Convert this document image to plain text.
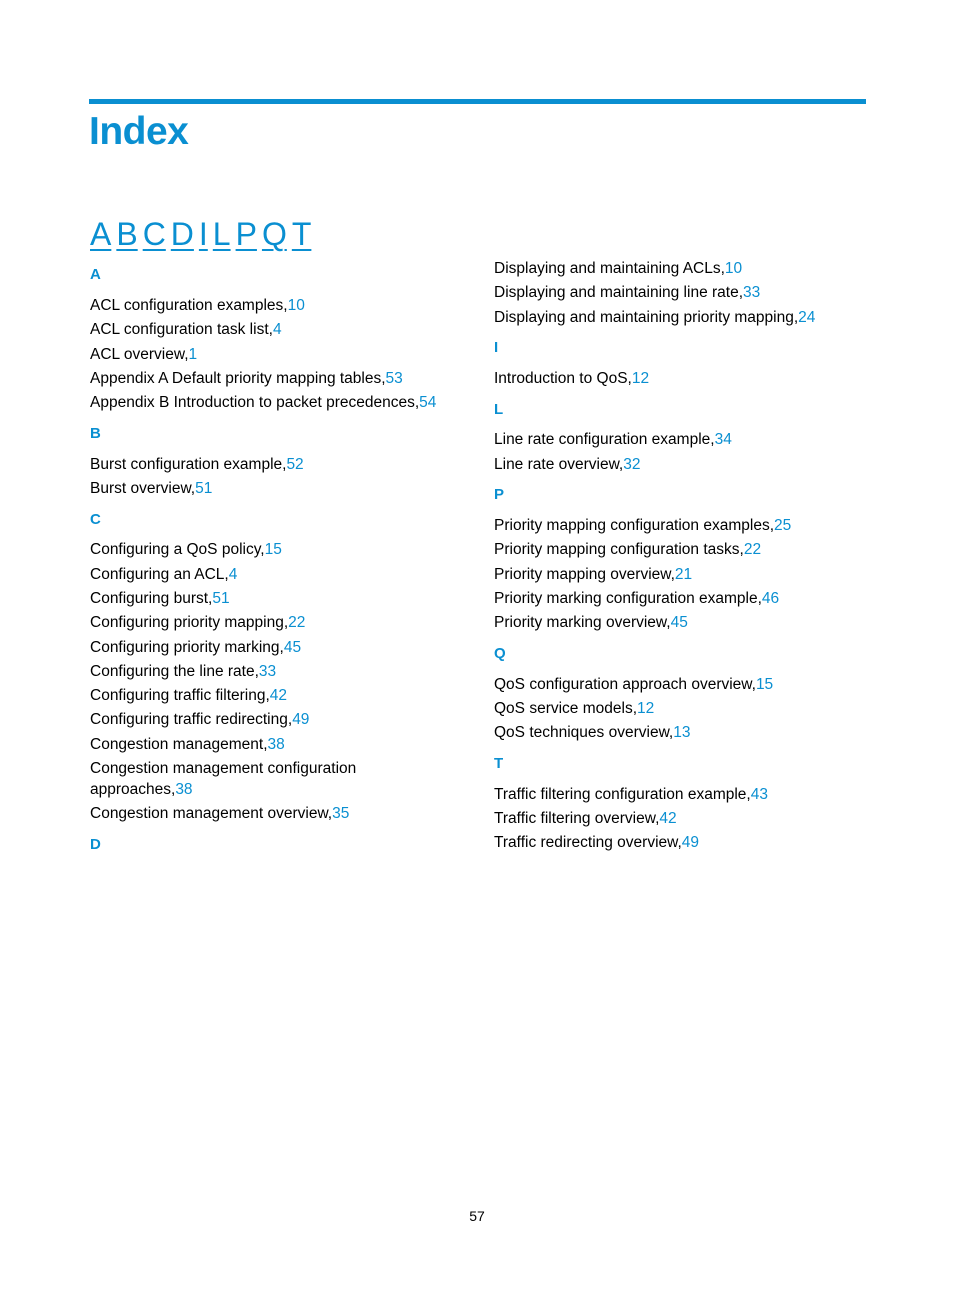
Index
A B C D I L P Q T
A
ACL configuration examples,10
ACL configuration task list,4
ACL overview,1
Appendix A Default priority mapping tables,53
Appendix B Introduction to packet precedences,54
B
Burst configuration example,52
Burst overview,51
C
Configuring a QoS policy,15
Configuring an ACL,4
Configuring burst,51
Configuring priority mapping,22
Configuring priority marking,45
Configuring the line rate,33
Configuring traffic filtering,42
Configuring traffic redirecting,49
Congestion management,38
Congestion management configuration approaches,38
Congestion management overview,35
D
Displaying and maintaining ACLs,10
Displaying and maintaining line rate,33
Displaying and maintaining priority mapping,24
I
Introduction to QoS,12
L
Line rate configuration example,34
Line rate overview,32
P
Priority mapping configuration examples,25
Priority mapping configuration tasks,22
Priority mapping overview,21
Priority marking configuration example,46
Priority marking overview,45
Q
QoS configuration approach overview,15
QoS service models,12
QoS techniques overview,13
T
Traffic filtering configuration example,43
Traffic filtering overview,42
Traffic redirecting overview,49
57
